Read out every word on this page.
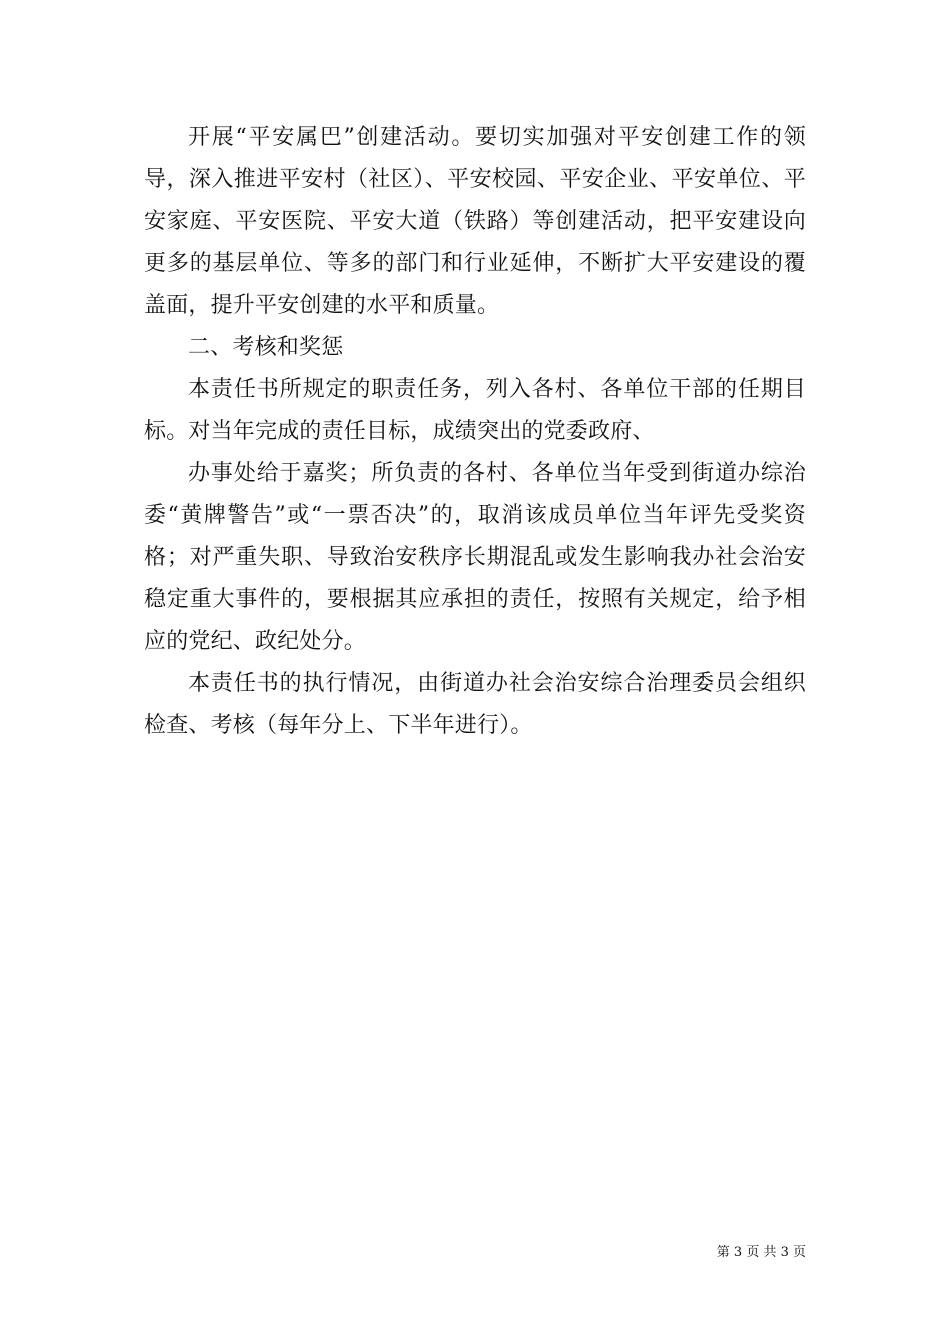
开展“平安属巴”创建活动。要切实加强对平安创建工作的领导，深入推进平安村（社区）、平安校园、平安企业、平安单位、平安家庭、平安医院、平安大道（铁路）等创建活动，把平安建设向更多的基层单位、等多的部门和行业延伸，不断扩大平安建设的覆盖面，提升平安创建的水平和质量。

二、考核和奖惩

本责任书所规定的职责任务，列入各村、各单位干部的任期目标。对当年完成的责任目标，成绩突出的党委政府、

办事处给于嘉奖；所负责的各村、各单位当年受到街道办综治委“黄牌警告”或“一票否决”的，取消该成员单位当年评先受奖资格；对严重失职、导致治安秩序长期混乱或发生影响我办社会治安稳定重大事件的，要根据其应承担的责任，按照有关规定，给予相应的党纪、政纪处分。

本责任书的执行情况，由街道办社会治安综合治理委员会组织检查、考核（每年分上、下半年进行）。

第 3 页 共 3 页
